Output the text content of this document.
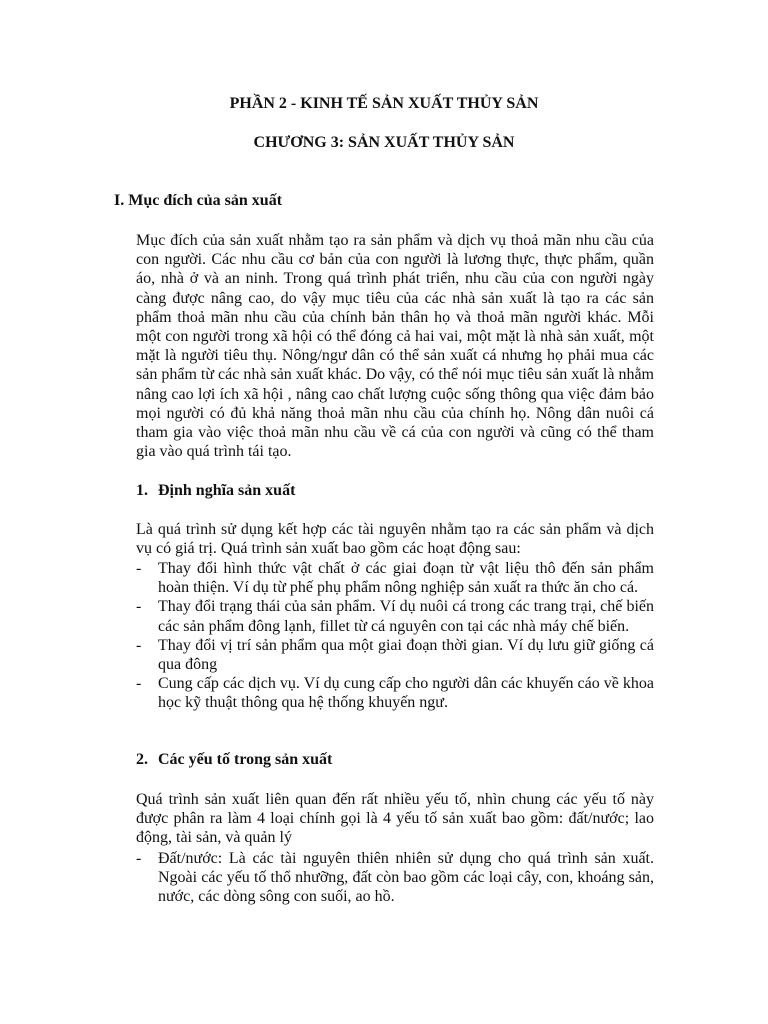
PHẦN 2 - KINH TẾ SẢN XUẤT THỦY SẢN
CHƯƠNG 3: SẢN XUẤT THỦY SẢN
I. Mục đích của sản xuất

Mục đích của sản xuất nhằm tạo ra sản phẩm và dịch vụ thoả mãn nhu cầu của con người. Các nhu cầu cơ bản của con người là lương thực, thực phẩm, quần áo, nhà ở và an ninh. Trong quá trình phát triển, nhu cầu của con người ngày càng được nâng cao, do vậy mục tiêu của các nhà sản xuất là tạo ra các sản phẩm thoả mãn nhu cầu của chính bản thân họ và thoả mãn người khác. Mỗi một con người trong xã hội có thể đóng cả hai vai, một mặt là nhà sản xuất, một mặt là người tiêu thụ. Nông/ngư dân có thể sản xuất cá nhưng họ phải mua các sản phẩm từ các nhà sản xuất khác. Do vậy, có thể nói mục tiêu sản xuất là nhằm nâng cao lợi ích xã hội , nâng cao chất lượng cuộc sống thông qua việc đảm bảo mọi người có đủ khả năng thoả mãn nhu cầu của chính họ. Nông dân nuôi cá tham gia vào việc thoả mãn nhu cầu về cá của con người và cũng có thể tham gia vào quá trình tái tạo.

1. Định nghĩa sản xuất

Là quá trình sử dụng kết hợp các tài nguyên nhằm tạo ra các sản phẩm và dịch vụ có giá trị. Quá trình sản xuất bao gồm các hoạt động sau:

- Thay đổi hình thức vật chất ở các giai đoạn từ vật liệu thô đến sản phẩm hoàn thiện. Ví dụ từ phế phụ phẩm nông nghiệp sản xuất ra thức ăn cho cá.
- Thay đổi trạng thái của sản phẩm. Ví dụ nuôi cá trong các trang trại, chế biến các sản phẩm đông lạnh, fillet từ cá nguyên con tại các nhà máy chế biến.
- Thay đổi vị trí sản phẩm qua một giai đoạn thời gian. Ví dụ lưu giữ giống cá qua đông
- Cung cấp các dịch vụ. Ví dụ cung cấp cho người dân các khuyến cáo về khoa học kỹ thuật thông qua hệ thống khuyến ngư.
2. Các yếu tố trong sản xuất

Quá trình sản xuất liên quan đến rất nhiều yếu tố, nhìn chung các yếu tố này được phân ra làm 4 loại chính gọi là 4 yếu tố sản xuất bao gồm: đất/nước; lao động, tài sản, và quản lý

- Đất/nước: Là các tài nguyên thiên nhiên sử dụng cho quá trình sản xuất. Ngoài các yếu tố thổ nhưỡng, đất còn bao gồm các loại cây, con, khoáng sản, nước, các dòng sông con suối, ao hồ.
